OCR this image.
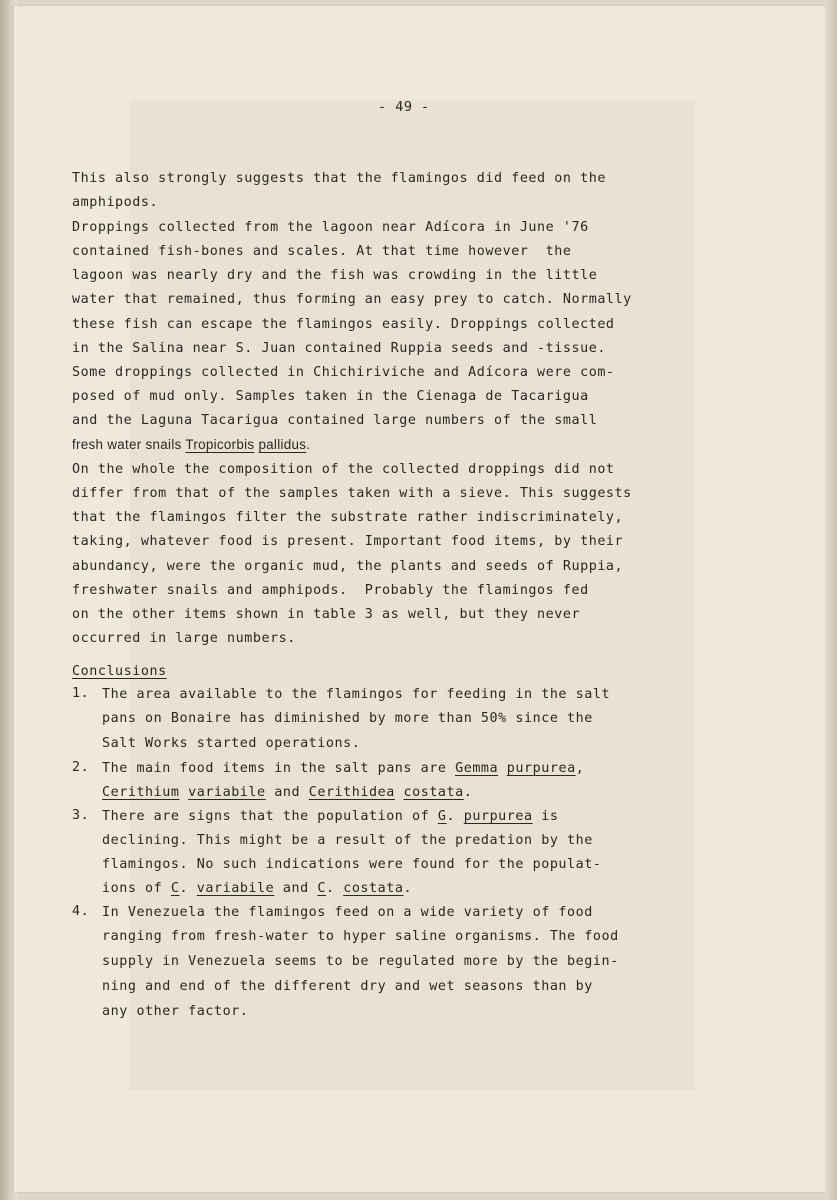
- 49 -
This also strongly suggests that the flamingos did feed on the
amphipods.
Droppings collected from the lagoon near Adícora in June '76
contained fish-bones and scales. At that time however  the
lagoon was nearly dry and the fish was crowding in the little
water that remained, thus forming an easy prey to catch. Normally
these fish can escape the flamingos easily. Droppings collected
in the Salina near S. Juan contained Ruppia seeds and -tissue.
Some droppings collected in Chichiriviche and Adícora were com-
posed of mud only. Samples taken in the Cienaga de Tacarigua
and the Laguna Tacarigua contained large numbers of the small
fresh water snails Tropicorbis pallidus.
On the whole the composition of the collected droppings did not
differ from that of the samples taken with a sieve. This suggests
that the flamingos filter the substrate rather indiscriminately,
taking, whatever food is present. Important food items, by their
abundancy, were the organic mud, the plants and seeds of Ruppia,
freshwater snails and amphipods.  Probably the flamingos fed
on the other items shown in table 3 as well, but they never
occurred in large numbers.
Conclusions
1. The area available to the flamingos for feeding in the salt
pans on Bonaire has diminished by more than 50% since the
Salt Works started operations.
2. The main food items in the salt pans are Gemma purpurea,
Cerithium variabile and Cerithidea costata.
3. There are signs that the population of G. purpurea is
declining. This might be a result of the predation by the
flamingos. No such indications were found for the populat-
ions of C. variabile and C. costata.
4. In Venezuela the flamingos feed on a wide variety of food
ranging from fresh-water to hyper saline organisms. The food
supply in Venezuela seems to be regulated more by the begin-
ning and end of the different dry and wet seasons than by
any other factor.
